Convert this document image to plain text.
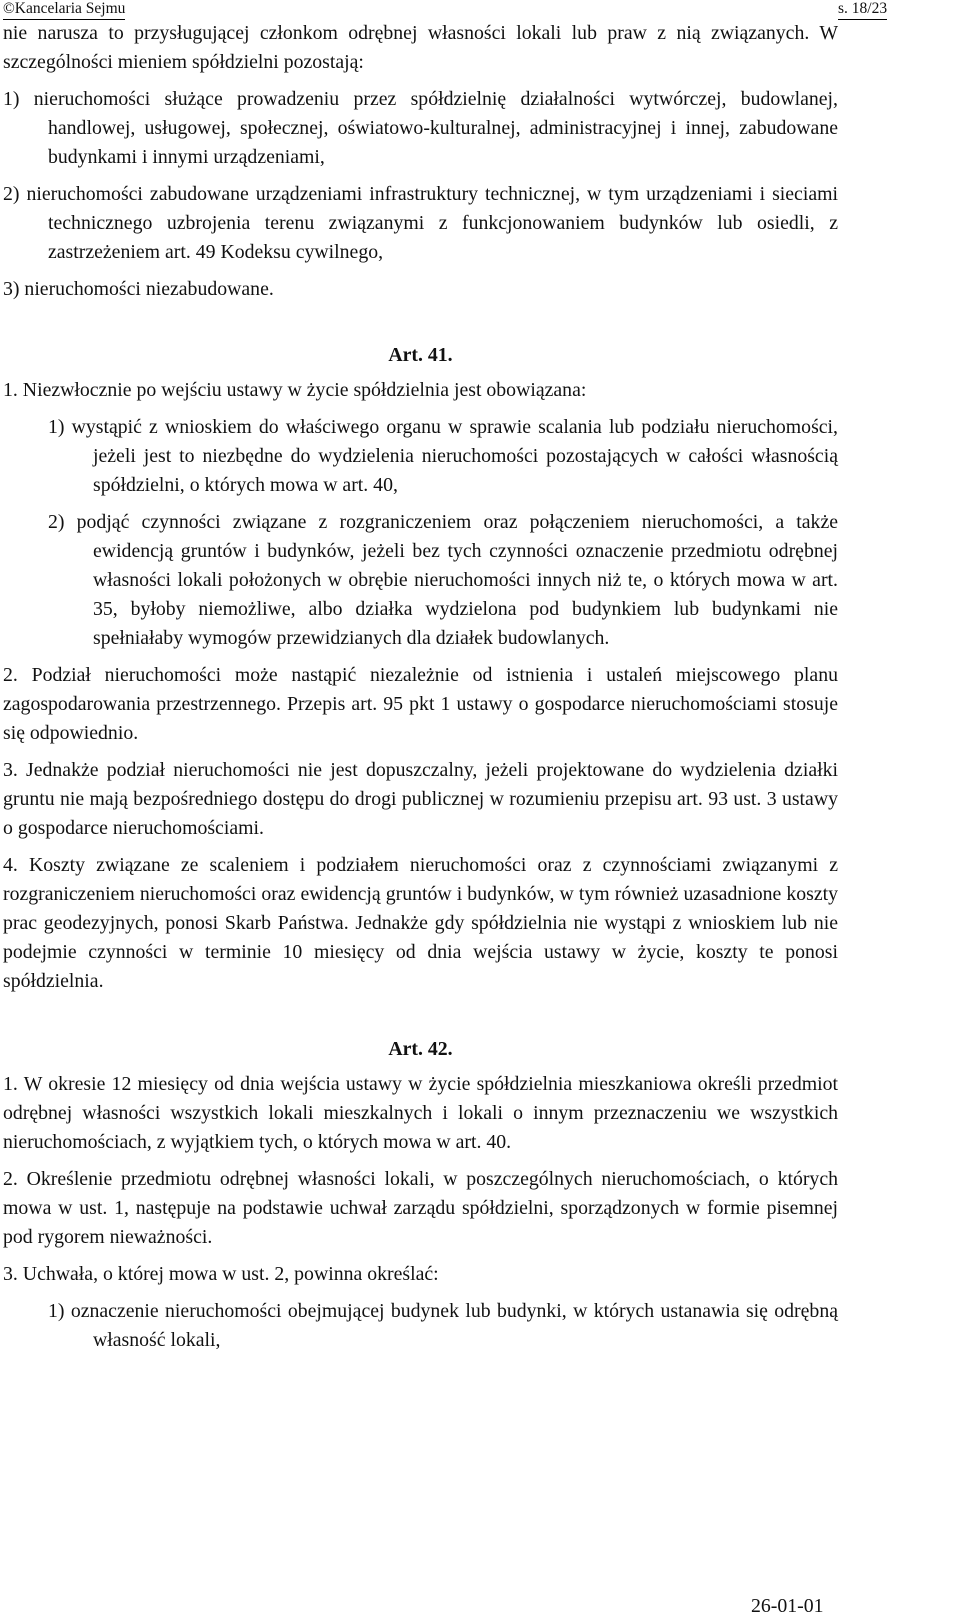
©Kancelaria Sejmu	s. 18/23

nie narusza to przysługującej członkom odrębnej własności lokali lub praw z nią związanych. W szczególności mieniem spółdzielni pozostają:

1) nieruchomości służące prowadzeniu przez spółdzielnię działalności wytwórczej, budowlanej, handlowej, usługowej, społecznej, oświatowo-kulturalnej, administracyjnej i innej, zabudowane budynkami i innymi urządzeniami,

2) nieruchomości zabudowane urządzeniami infrastruktury technicznej, w tym urządzeniami i sieciami technicznego uzbrojenia terenu związanymi z funkcjonowaniem budynków lub osiedli, z zastrzeżeniem art. 49 Kodeksu cywilnego,

3) nieruchomości niezabudowane.

Art. 41.

1. Niezwłocznie po wejściu ustawy w życie spółdzielnia jest obowiązana:

1) wystąpić z wnioskiem do właściwego organu w sprawie scalania lub podziału nieruchomości, jeżeli jest to niezbędne do wydzielenia nieruchomości pozostających w całości własnością spółdzielni, o których mowa w art. 40,

2) podjąć czynności związane z rozgraniczeniem oraz połączeniem nieruchomości, a także ewidencją gruntów i budynków, jeżeli bez tych czynności oznaczenie przedmiotu odrębnej własności lokali położonych w obrębie nieruchomości innych niż te, o których mowa w art. 35, byłoby niemożliwe, albo działka wydzielona pod budynkiem lub budynkami nie spełniałaby wymogów przewidzianych dla działek budowlanych.

2. Podział nieruchomości może nastąpić niezależnie od istnienia i ustaleń miejscowego planu zagospodarowania przestrzennego. Przepis art. 95 pkt 1 ustawy o gospodarce nieruchomościami stosuje się odpowiednio.

3. Jednakże podział nieruchomości nie jest dopuszczalny, jeżeli projektowane do wydzielenia działki gruntu nie mają bezpośredniego dostępu do drogi publicznej w rozumieniu przepisu art. 93 ust. 3 ustawy o gospodarce nieruchomościami.

4. Koszty związane ze scaleniem i podziałem nieruchomości oraz z czynnościami związanymi z rozgraniczeniem nieruchomości oraz ewidencją gruntów i budynków, w tym również uzasadnione koszty prac geodezyjnych, ponosi Skarb Państwa. Jednakże gdy spółdzielnia nie wystąpi z wnioskiem lub nie podejmie czynności w terminie 10 miesięcy od dnia wejścia ustawy w życie, koszty te ponosi spółdzielnia.

Art. 42.

1. W okresie 12 miesięcy od dnia wejścia ustawy w życie spółdzielnia mieszkaniowa określi przedmiot odrębnej własności wszystkich lokali mieszkalnych i lokali o innym przeznaczeniu we wszystkich nieruchomościach, z wyjątkiem tych, o których mowa w art. 40.

2. Określenie przedmiotu odrębnej własności lokali, w poszczególnych nieruchomościach, o których mowa w ust. 1, następuje na podstawie uchwał zarządu spółdzielni, sporządzonych w formie pisemnej pod rygorem nieważności.

3. Uchwała, o której mowa w ust. 2, powinna określać:

1) oznaczenie nieruchomości obejmującej budynek lub budynki, w których ustanawia się odrębną własność lokali,

26-01-01
